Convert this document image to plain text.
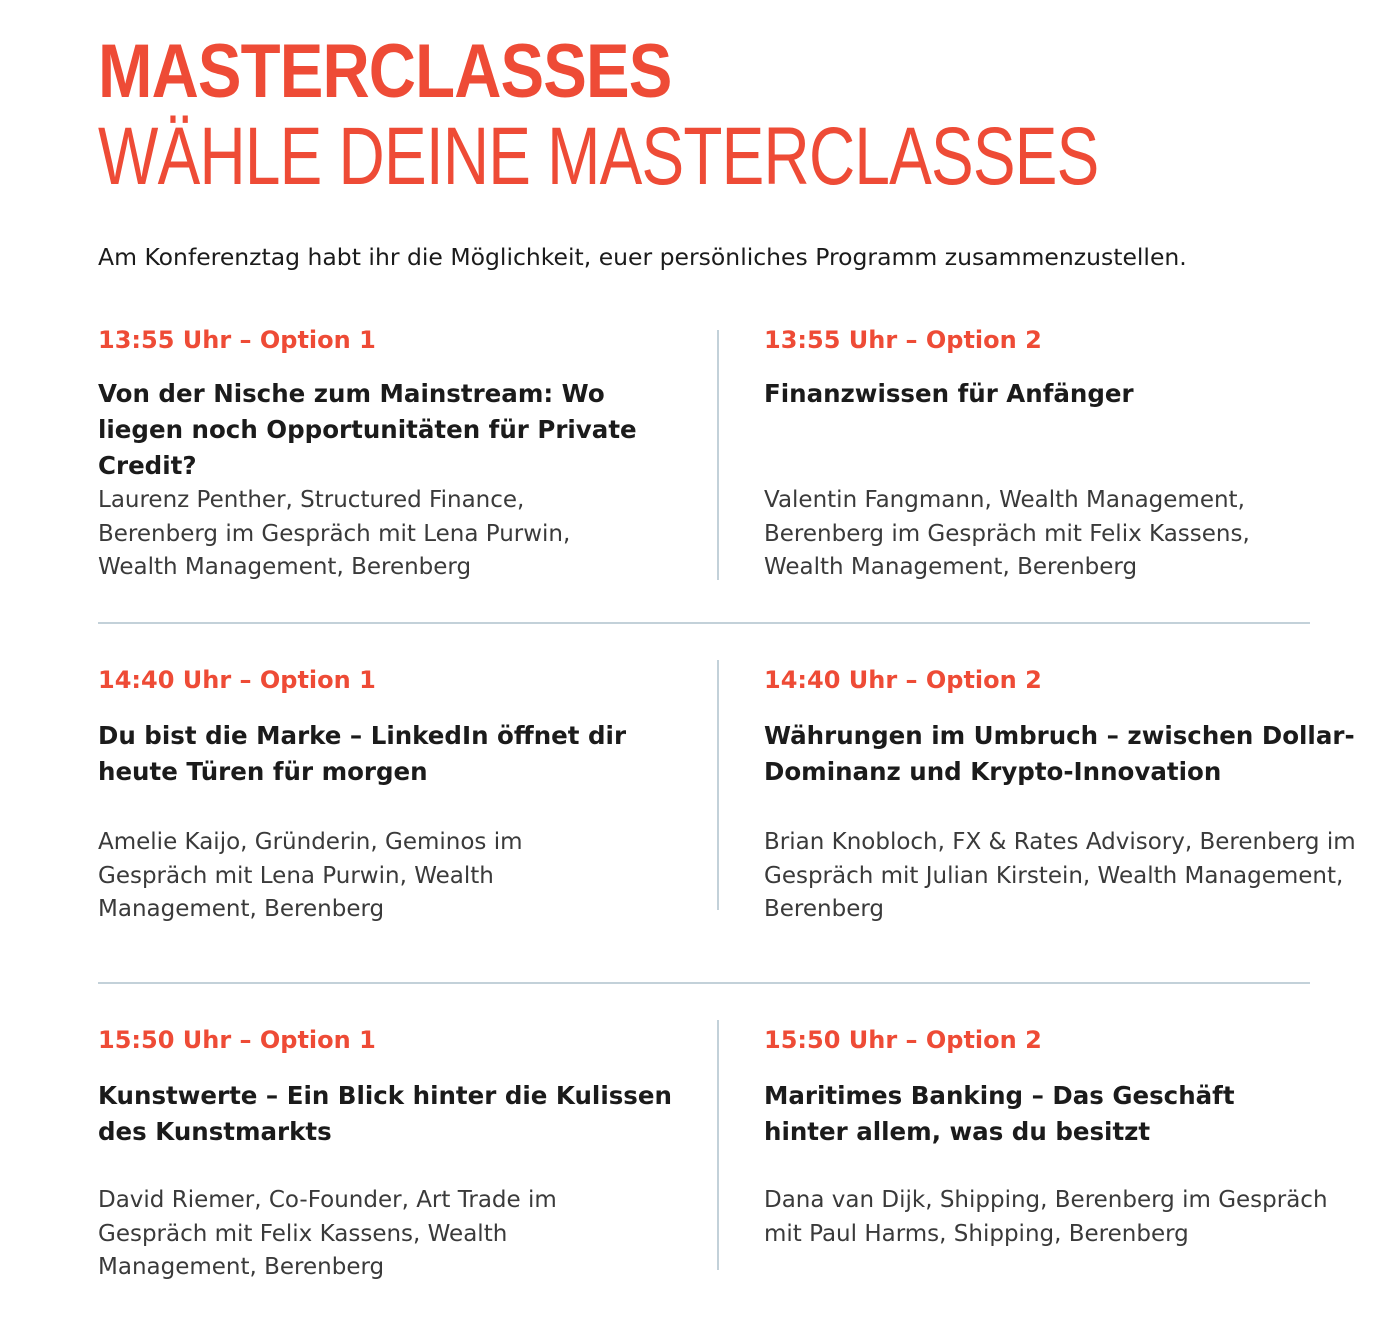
MASTERCLASSES
WÄHLE DEINE MASTERCLASSES

Am Konferenztag habt ihr die Möglichkeit, euer persönliches Programm zusammenzustellen.

13:55 Uhr – Option 1

Von der Nische zum Mainstream: Wo liegen noch Opportunitäten für Private Credit?

Laurenz Penther, Structured Finance, Berenberg im Gespräch mit Lena Purwin, Wealth Management, Berenberg

13:55 Uhr – Option 2

Finanzwissen für Anfänger

Valentin Fangmann, Wealth Management, Berenberg im Gespräch mit Felix Kassens, Wealth Management, Berenberg

14:40 Uhr – Option 1

Du bist die Marke – LinkedIn öffnet dir heute Türen für morgen

Amelie Kaijo, Gründerin, Geminos im Gespräch mit Lena Purwin, Wealth Management, Berenberg

14:40 Uhr – Option 2

Währungen im Umbruch – zwischen Dollar-Dominanz und Krypto-Innovation

Brian Knobloch, FX & Rates Advisory, Berenberg im Gespräch mit Julian Kirstein, Wealth Management, Berenberg

15:50 Uhr – Option 1

Kunstwerte – Ein Blick hinter die Kulissen des Kunstmarkts

David Riemer, Co-Founder, Art Trade im Gespräch mit Felix Kassens, Wealth Management, Berenberg

15:50 Uhr – Option 2

Maritimes Banking – Das Geschäft hinter allem, was du besitzt

Dana van Dijk, Shipping, Berenberg im Gespräch mit Paul Harms, Shipping, Berenberg
